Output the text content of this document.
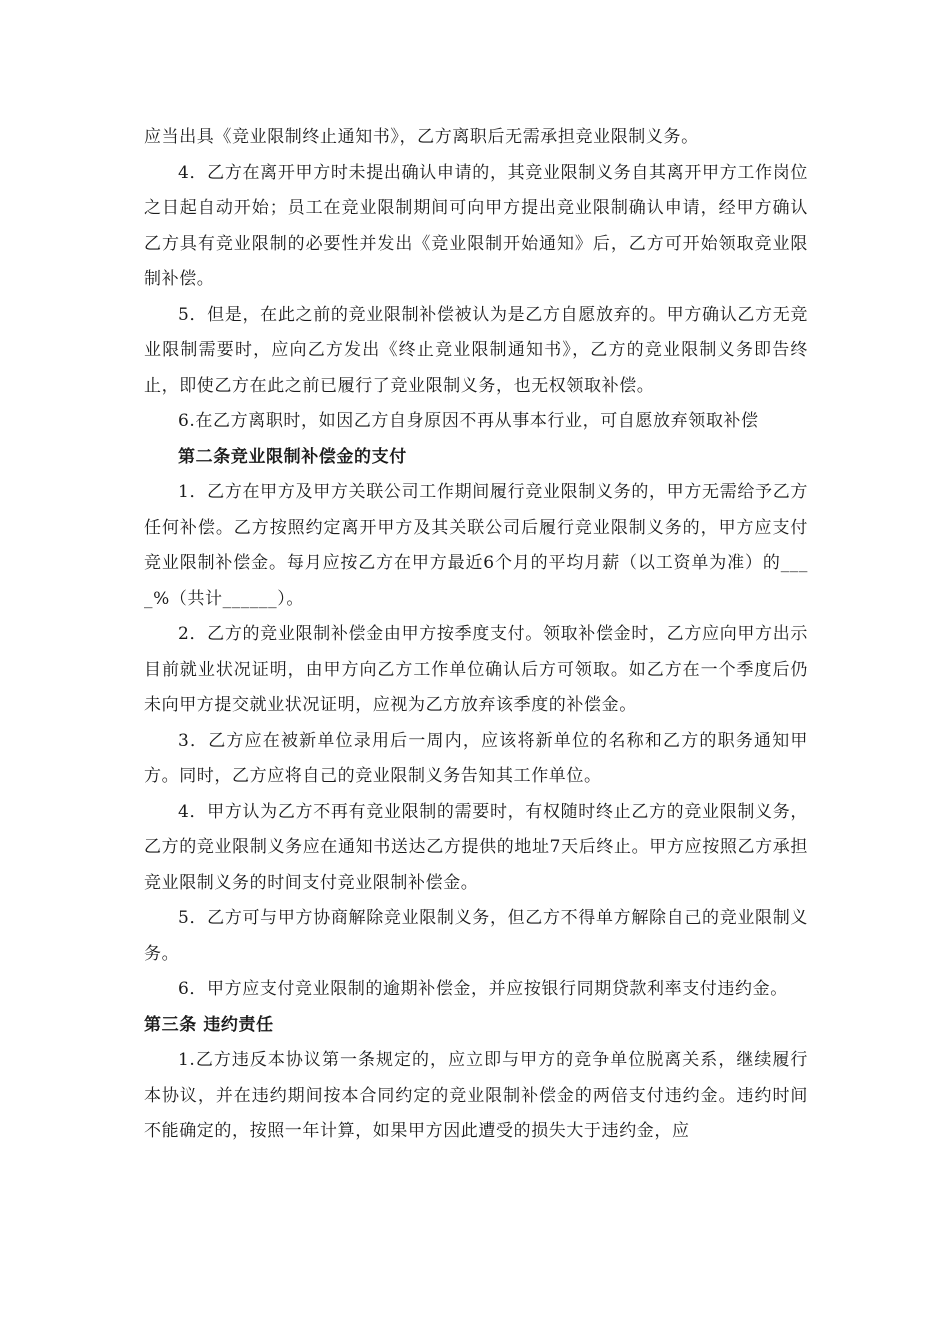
应当出具《竞业限制终止通知书》，乙方离职后无需承担竞业限制义务。

4．乙方在离开甲方时未提出确认申请的，其竞业限制义务自其离开甲方工作岗位之日起自动开始；员工在竞业限制期间可向甲方提出竞业限制确认申请，经甲方确认乙方具有竞业限制的必要性并发出《竞业限制开始通知》后，乙方可开始领取竞业限制补偿。

5．但是，在此之前的竞业限制补偿被认为是乙方自愿放弃的。甲方确认乙方无竞业限制需要时，应向乙方发出《终止竞业限制通知书》，乙方的竞业限制义务即告终止，即使乙方在此之前已履行了竞业限制义务，也无权领取补偿。

6.在乙方离职时，如因乙方自身原因不再从事本行业，可自愿放弃领取补偿

第二条竞业限制补偿金的支付

1．乙方在甲方及甲方关联公司工作期间履行竞业限制义务的，甲方无需给予乙方任何补偿。乙方按照约定离开甲方及其关联公司后履行竞业限制义务的，甲方应支付竞业限制补偿金。每月应按乙方在甲方最近6个月的平均月薪（以工资单为准）的____%（共计______）。

2．乙方的竞业限制补偿金由甲方按季度支付。领取补偿金时，乙方应向甲方出示目前就业状况证明，由甲方向乙方工作单位确认后方可领取。如乙方在一个季度后仍未向甲方提交就业状况证明，应视为乙方放弃该季度的补偿金。

3．乙方应在被新单位录用后一周内，应该将新单位的名称和乙方的职务通知甲方。同时，乙方应将自己的竞业限制义务告知其工作单位。

4．甲方认为乙方不再有竞业限制的需要时，有权随时终止乙方的竞业限制义务，乙方的竞业限制义务应在通知书送达乙方提供的地址7天后终止。甲方应按照乙方承担竞业限制义务的时间支付竞业限制补偿金。

5．乙方可与甲方协商解除竞业限制义务，但乙方不得单方解除自己的竞业限制义务。

6．甲方应支付竞业限制的逾期补偿金，并应按银行同期贷款利率支付违约金。

第三条 违约责任

1.乙方违反本协议第一条规定的，应立即与甲方的竞争单位脱离关系，继续履行本协议，并在违约期间按本合同约定的竞业限制补偿金的两倍支付违约金。违约时间不能确定的，按照一年计算，如果甲方因此遭受的损失大于违约金，应
